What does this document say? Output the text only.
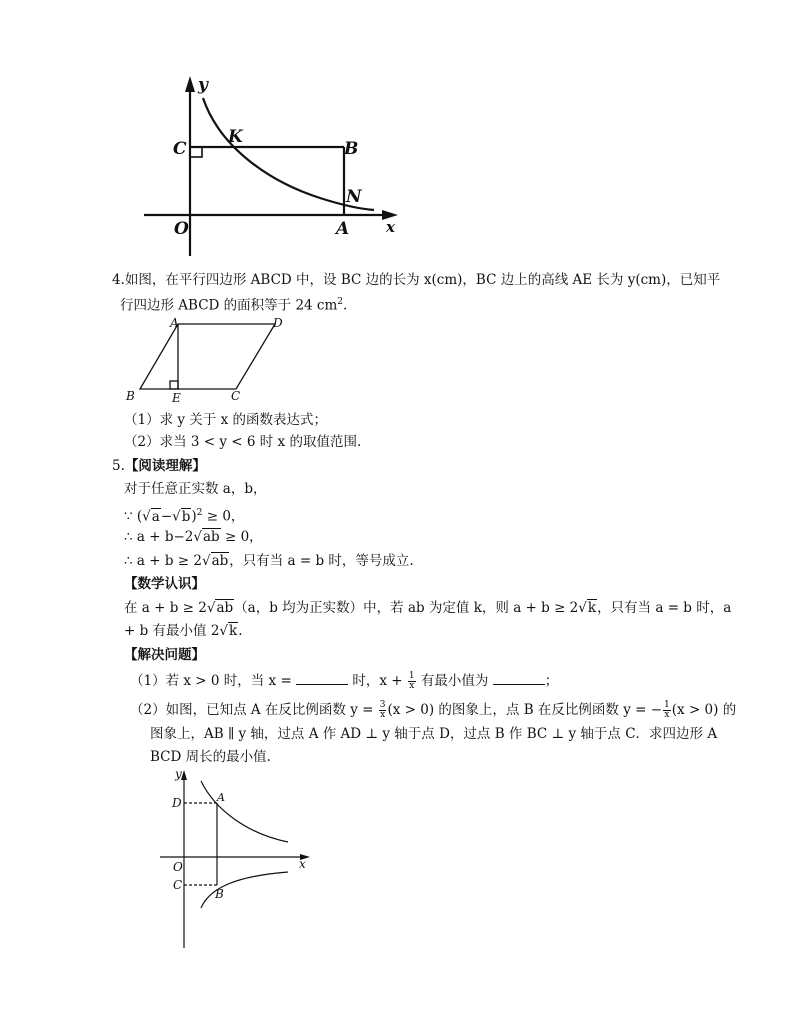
y
x
O
C
K
B
N
A
4.如图，在平行四边形 ABCD 中，设 BC 边的长为 x(cm)，BC 边上的高线 AE 长为 y(cm)，已知平
行四边形 ABCD 的面积等于 24 $cm^2$.
A	D
B	E	C
（1）求 y 关于 x 的函数表达式；
（2）求当 3 < y < 6 时 x 的取值范围.
5.【阅读理解】
对于任意正实数 a，b，
∵ $(√a-√b)^2 \ge 0$，
∴ a + b−2√ab ≥ 0，
∴ a + b ≥ 2√ab，只有当 a = b 时，等号成立.
【数学认识】
在 a + b ≥ 2√ab（a，b 均为正实数）中，若 ab 为定值 k，则 a + b ≥ 2√k，只有当 a = b 时，a
+ b 有最小值 2√k.
【解决问题】
（1）若 x > 0 时，当 x =	时，$x + \frac{1}{x}$ 有最小值为	；
（2）如图，已知点 A 在反比例函数 $y = \frac{3}{x} (x > 0)$ 的图象上，点 B 在反比例函数 y = − $\frac{1}{x} (x > 0)$ 的
图象上，AB ∥ y 轴，过点 A 作 AD ⊥ y 轴于点 D，过点 B 作 BC ⊥ y 轴于点 C．求四边形 A
BCD 周长的最小值.
y
x
O
D	A
C
B
